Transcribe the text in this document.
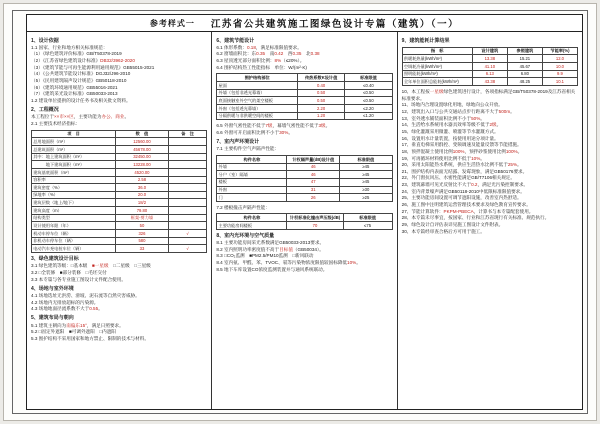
参考样式一 江苏省公共建筑施工图绿色设计专篇（建筑）（一）
1、设计依据
1.1 国家、行业和地方相关标准规范：
（1）《绿色建筑评价标准》GB/T50378-2019
（2）《江苏省绿色建筑设计标准》DB32/3962-2020
（3）《建筑节能与可再生能源利用通用规范》GB55015-2021
（4）《公共建筑节能设计标准》DGJ32/J96-2010
（5）《民用建筑隔声设计规范》GB50118-2010
（6）《建筑环境通用规范》GB55016-2021
（7）《建筑采光设计标准》GB50033-2013
1.2 建设单位提供的设计任务书及相关批文资料。
2、工程概况
本工程位于××市××区，主要功能为办公、商业。
2.1 主要技术经济指标：
项　目	数　值	备　注
总用地面积（m²）	12560.00	
总建筑面积（m²）	45678.00	
其中：地上建筑面积（m²）	32450.00	
　　　地下建筑面积（m²）	13228.00	
建筑基底面积（m²）	4520.00	
容积率	2.58	
建筑密度（%）	36.0	
绿地率（%）	20.0	
建筑层数（地上/地下）	18/2	
建筑高度（m）	79.80	
结构类型	框架-剪力墙	
设计使用年限（年）	50	
机动车停车位（辆）	326	√
非机动车停车位（辆）	580	
电动汽车充电桩车位（辆）	33	√
3、绿色建筑设计目标
3.1 绿色建筑等级：□基本级　■一星级　□二星级　□三星级
3.2 □全装修　■部分装修　□毛坯交付
3.3 本专篇与各专业施工图设计文件配合使用。
4、场地与室外环境
4.1 场地选址无洪涝、滑坡、泥石流等自然灾害威胁。
4.2 场地内无排放超标的污染源。
4.3 场地地面径流系数不大于0.55。
5、建筑布局与朝向
5.1 建筑主朝向为南偏东15°，满足日照要求。
5.2 □固定外遮阳　■可调外遮阳　□内遮阳
5.3 围护结构不采用国家和地方禁止、限制的技术与材料。
6、建筑节能设计
6.1 体形系数：0.18，满足标准限值要求。
6.2 窗墙面积比：东0.35　南0.42　西0.35　北0.38
6.3 屋顶透光部分面积比例：8%（≤20%）。
6.4 围护结构热工性能指标　单位：W/(m²·K)
围护结构部位	传热系数K设计值	标准限值
屋面	0.40	≤0.40
外墙（包括非透光幕墙）	0.50	≤0.50
底面接触室外空气的架空楼板	0.50	≤0.50
外窗（包括透光幕墙）	2.20	≤2.20
分隔供暖与非供暖空间的楼板	1.20	≤1.20
6.5 外窗气密性能不低于7级，幕墙气密性能不低于3级。
6.6 外窗可开启面积比例不小于30%。
7、室内声环境设计
7.1 主要构件空气声隔声性能：
构件名称	计权隔声量(dB)设计值	标准限值
外墙	46	≥45
分户（室）隔墙	46	≥45
楼板	47	≥45
外窗	31	≥30
门	26	≥25
7.2 楼板撞击声隔声性能：
构件名称	计权标准化撞击声压级(dB)	标准限值
主要功能房间楼板	70	≤75
8、室内光环境与空气质量
8.1 主要功能房间采光系数满足GB50033-2013要求。
8.2 室内照明功率密度值不高于目标值（GB50034）。
8.3 □CO₂监测　■PM2.5/PM10监测　□新风联动
8.4 室内氨、甲醛、苯、TVOC、氡等污染物浓度限值较国标降低10%。
8.5 地下车库设置CO浓度监测装置并与通风系统联动。
9、建筑能耗计算结果
指　标	设计建筑	参照建筑	节能率(%)
供暖耗热量(kWh/m²)	13.38	15.21	12.0
空调耗冷量(kWh/m²)	41.10	45.67	10.0
照明能耗(kWh/m²)	6.13	6.80	9.9
全年单位面积总能耗(kWh/m²)	43.38	48.25	10.1
10、本工程按一星级绿色建筑进行设计，各项指标满足GB/T50378-2019及江苏省相关标准要求。
11、场地内合理设置绿化用地，绿地向公众开放。
12、建筑出入口与公共交通站点步行距离不大于500m。
13、室外透水铺装面积比例不小于50%。
14、生活给水系统用水器具效率等级不低于2级。
15、绿化灌溉采用微灌、喷灌等节水灌溉方式。
16、设置用水计量装置，按使用用途分项计量。
17、垂直电梯采用群控、变频调速及能量反馈等节能措施。
18、预拌混凝土使用比例100%，预拌砂浆使用比例100%。
19、可再循环材料使用比例不低于10%。
20、采用太阳能热水系统，供应生活热水比例不低于25%。
21、围护结构内表面无结露、发霉现象，满足GB50176要求。
22、外门窗抗风压、水密性能满足GB/T7106相关规定。
23、建筑幕墙可见光反射比不大于0.2，满足光污染控制要求。
24、室内背景噪声满足GB50118-2010中低限标准限值要求。
25、主要功能房间设置可调节遮阳设施，改善室内热舒适。
26、施工图中注明建筑运营管理技术要求及绿色教育宣传要求。
27、节能计算软件：PKPM-PBECA，计算书与本专篇配套使用。
28、本专篇未尽事宜，按国家、行业和江苏省现行有关标准、规范执行。
29、绿色设计自评估表详见施工图设计文件附表。
30、本专篇经审查合格后方可用于施工。
